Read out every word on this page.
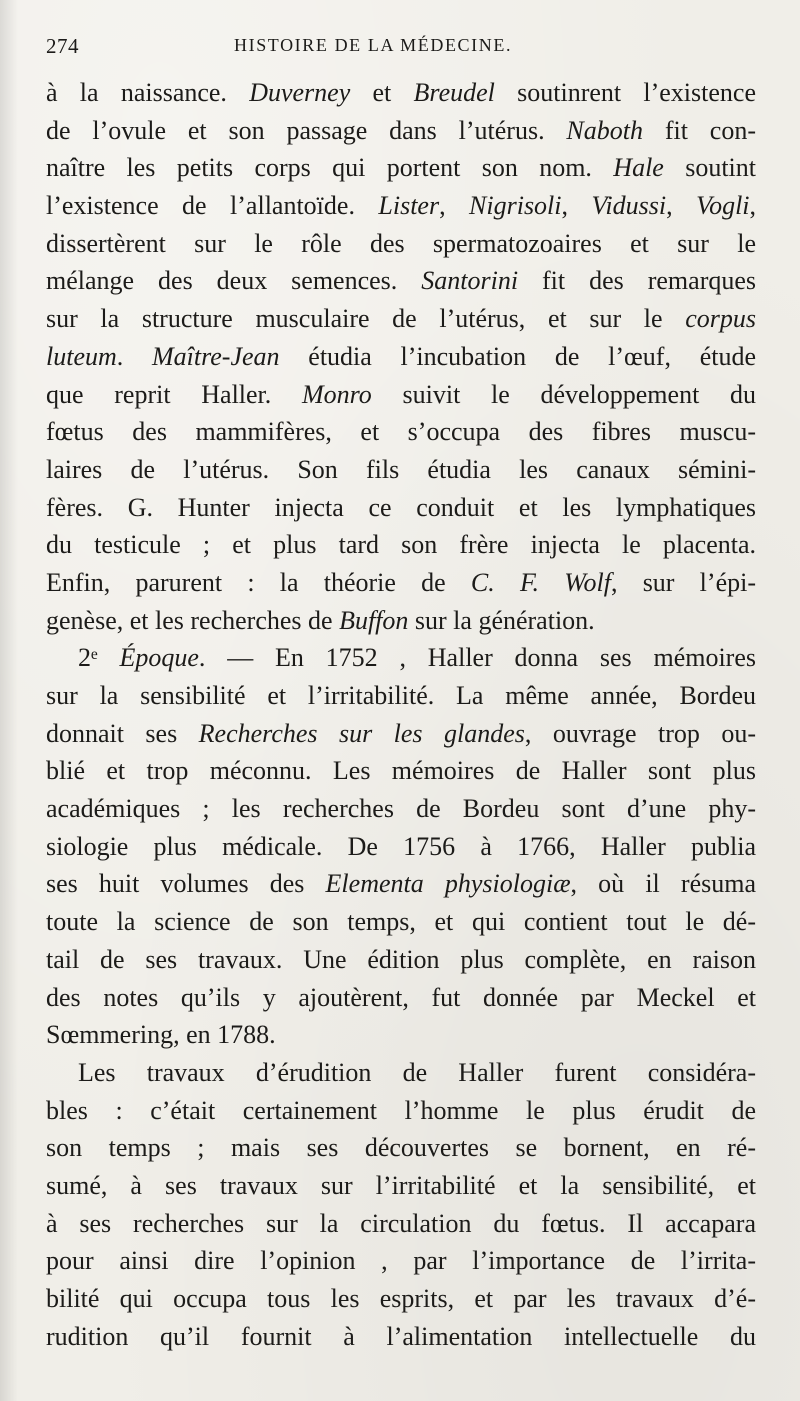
274	HISTOIRE DE LA MÉDECINE.
à la naissance. Duverney et Breudel soutinrent l’existence
de l’ovule et son passage dans l’utérus. Naboth fit con-
naître les petits corps qui portent son nom. Hale soutint
l’existence de l’allantoïde. Lister, Nigrisoli, Vidussi, Vogli,
dissertèrent sur le rôle des spermatozoaires et sur le
mélange des deux semences. Santorini fit des remarques
sur la structure musculaire de l’utérus, et sur le corpus
luteum. Maître-Jean étudia l’incubation de l’œuf, étude
que reprit Haller. Monro suivit le développement du
fœtus des mammifères, et s’occupa des fibres muscu-
laires de l’utérus. Son fils étudia les canaux sémini-
fères. G. Hunter injecta ce conduit et les lymphatiques
du testicule ; et plus tard son frère injecta le placenta.
Enfin, parurent : la théorie de C. F. Wolf, sur l’épi-
genèse, et les recherches de Buffon sur la génération.
2ᵉ Époque. — En 1752 , Haller donna ses mémoires
sur la sensibilité et l’irritabilité. La même année, Bordeu
donnait ses Recherches sur les glandes, ouvrage trop ou-
blié et trop méconnu. Les mémoires de Haller sont plus
académiques ; les recherches de Bordeu sont d’une phy-
siologie plus médicale. De 1756 à 1766, Haller publia
ses huit volumes des Elementa physiologiæ, où il résuma
toute la science de son temps, et qui contient tout le dé-
tail de ses travaux. Une édition plus complète, en raison
des notes qu’ils y ajoutèrent, fut donnée par Meckel et
Sœmmering, en 1788.
Les travaux d’érudition de Haller furent considéra-
bles : c’était certainement l’homme le plus érudit de
son temps ; mais ses découvertes se bornent, en ré-
sumé, à ses travaux sur l’irritabilité et la sensibilité, et
à ses recherches sur la circulation du fœtus. Il accapara
pour ainsi dire l’opinion , par l’importance de l’irrita-
bilité qui occupa tous les esprits, et par les travaux d’é-
rudition qu’il fournit à l’alimentation intellectuelle du
